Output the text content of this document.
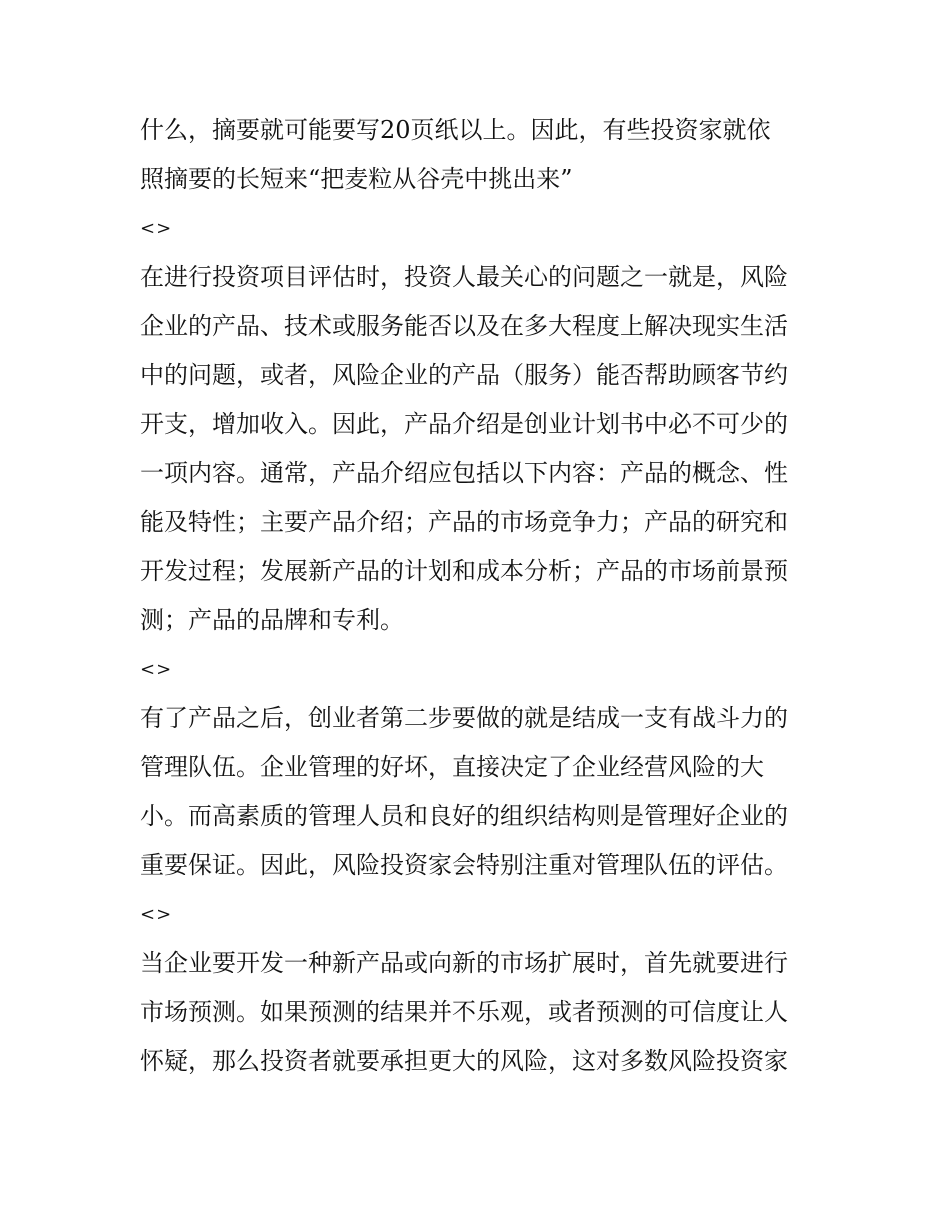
什么，摘要就可能要写20页纸以上。因此，有些投资家就依
照摘要的长短来“把麦粒从谷壳中挑出来”
<>
在进行投资项目评估时，投资人最关心的问题之一就是，风险
企业的产品、技术或服务能否以及在多大程度上解决现实生活
中的问题，或者，风险企业的产品（服务）能否帮助顾客节约
开支，增加收入。因此，产品介绍是创业计划书中必不可少的
一项内容。通常，产品介绍应包括以下内容：产品的概念、性
能及特性；主要产品介绍；产品的市场竞争力；产品的研究和
开发过程；发展新产品的计划和成本分析；产品的市场前景预
测；产品的品牌和专利。
<>
有了产品之后，创业者第二步要做的就是结成一支有战斗力的
管理队伍。企业管理的好坏，直接决定了企业经营风险的大
小。而高素质的管理人员和良好的组织结构则是管理好企业的
重要保证。因此，风险投资家会特别注重对管理队伍的评估。
<>
当企业要开发一种新产品或向新的市场扩展时，首先就要进行
市场预测。如果预测的结果并不乐观，或者预测的可信度让人
怀疑，那么投资者就要承担更大的风险，这对多数风险投资家
